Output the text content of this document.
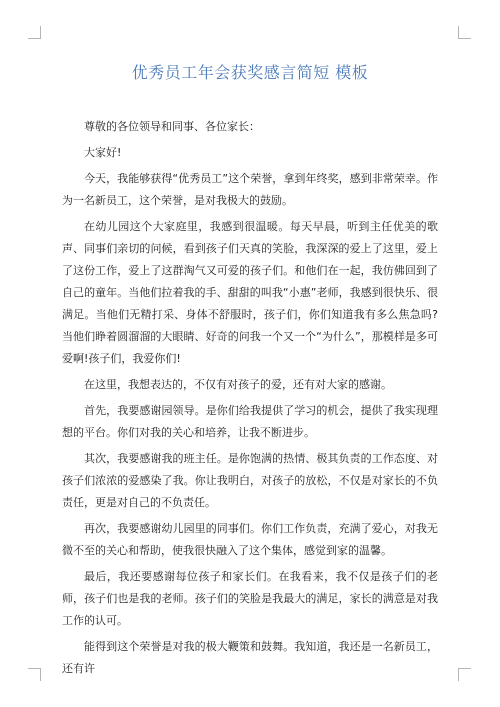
优秀员工年会获奖感言简短 模板

尊敬的各位领导和同事、各位家长：

大家好!

今天，我能够获得“优秀员工”这个荣誉，拿到年终奖，感到非常荣幸。作为一名新员工，这个荣誉，是对我极大的鼓励。

在幼儿园这个大家庭里，我感到很温暖。每天早晨，听到主任优美的歌声、同事们亲切的问候，看到孩子们天真的笑脸，我深深的爱上了这里，爱上了这份工作，爱上了这群淘气又可爱的孩子们。和他们在一起，我仿佛回到了自己的童年。当他们拉着我的手、甜甜的叫我“小惠”老师，我感到很快乐、很满足。当他们无精打采、身体不舒服时，孩子们，你们知道我有多么焦急吗?当他们睁着圆溜溜的大眼睛、好奇的问我一个又一个“为什么”，那模样是多可爱啊!孩子们，我爱你们!

在这里，我想表达的，不仅有对孩子的爱，还有对大家的感谢。

首先，我要感谢园领导。是你们给我提供了学习的机会，提供了我实现理想的平台。你们对我的关心和培养，让我不断进步。

其次，我要感谢我的班主任。是你饱满的热情、极其负责的工作态度、对孩子们浓浓的爱感染了我。你让我明白，对孩子的放松，不仅是对家长的不负责任，更是对自己的不负责任。

再次，我要感谢幼儿园里的同事们。你们工作负责，充满了爱心，对我无微不至的关心和帮助，使我很快融入了这个集体，感觉到家的温馨。

最后，我还要感谢每位孩子和家长们。在我看来，我不仅是孩子们的老师，孩子们也是我的老师。孩子们的笑脸是我最大的满足，家长的满意是对我工作的认可。

能得到这个荣誉是对我的极大鞭策和鼓舞。我知道，我还是一名新员工，还有许
